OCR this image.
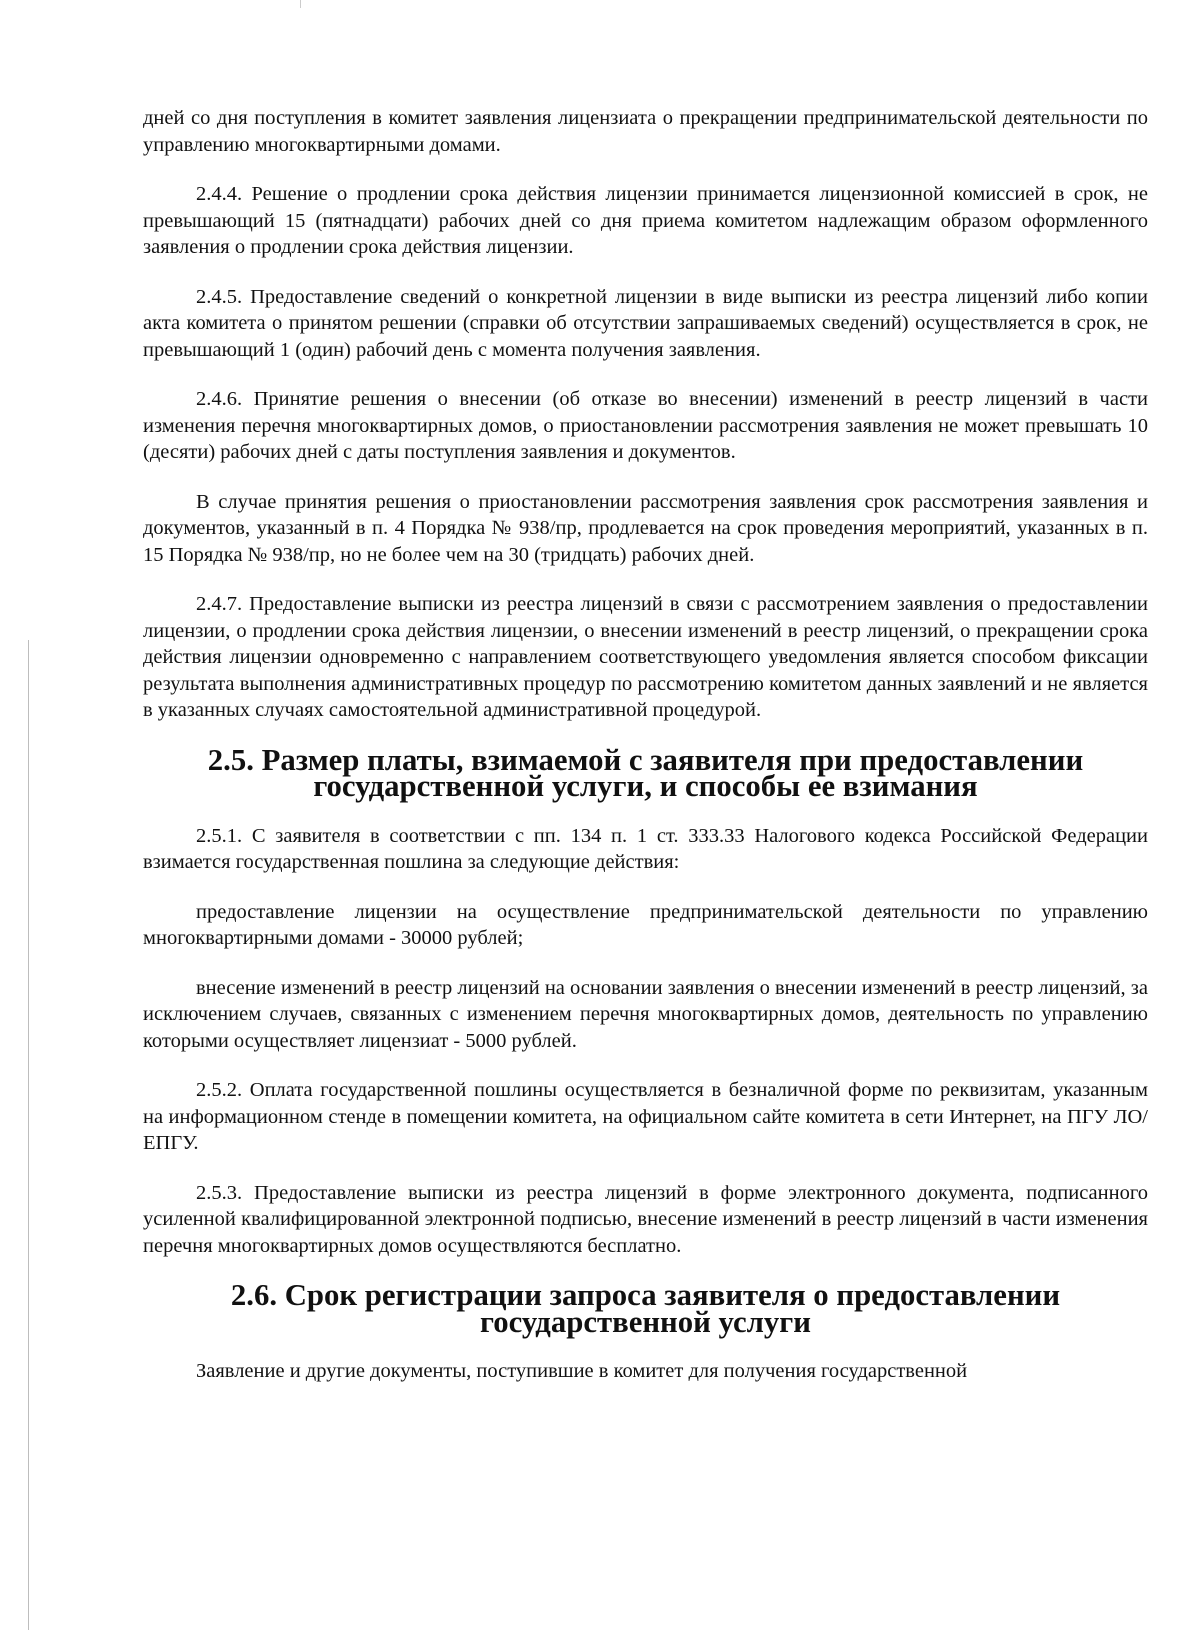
дней со дня поступления в комитет заявления лицензиата о прекращении предпринимательской деятельности по управлению многоквартирными домами.

2.4.4. Решение о продлении срока действия лицензии принимается лицензионной комиссией в срок, не превышающий 15 (пятнадцати) рабочих дней со дня приема комитетом надлежащим образом оформленного заявления о продлении срока действия лицензии.

2.4.5. Предоставление сведений о конкретной лицензии в виде выписки из реестра лицензий либо копии акта комитета о принятом решении (справки об отсутствии запрашиваемых сведений) осуществляется в срок, не превышающий 1 (один) рабочий день с момента получения заявления.

2.4.6. Принятие решения о внесении (об отказе во внесении) изменений в реестр лицензий в части изменения перечня многоквартирных домов, о приостановлении рассмотрения заявления не может превышать 10 (десяти) рабочих дней с даты поступления заявления и документов.

В случае принятия решения о приостановлении рассмотрения заявления срок рассмотрения заявления и документов, указанный в п. 4 Порядка № 938/пр, продлевается на срок проведения мероприятий, указанных в п. 15 Порядка № 938/пр, но не более чем на 30 (тридцать) рабочих дней.

2.4.7. Предоставление выписки из реестра лицензий в связи с рассмотрением заявления о предоставлении лицензии, о продлении срока действия лицензии, о внесении изменений в реестр лицензий, о прекращении срока действия лицензии одновременно с направлением соответствующего уведомления является способом фиксации результата выполнения административных процедур по рассмотрению комитетом данных заявлений и не является в указанных случаях самостоятельной административной процедурой.

2.5. Размер платы, взимаемой с заявителя при предоставлении государственной услуги, и способы ее взимания

2.5.1. С заявителя в соответствии с пп. 134 п. 1 ст. 333.33 Налогового кодекса Российской Федерации взимается государственная пошлина за следующие действия:

предоставление лицензии на осуществление предпринимательской деятельности по управлению многоквартирными домами - 30000 рублей;

внесение изменений в реестр лицензий на основании заявления о внесении изменений в реестр лицензий, за исключением случаев, связанных с изменением перечня многоквартирных домов, деятельность по управлению которыми осуществляет лицензиат - 5000 рублей.

2.5.2. Оплата государственной пошлины осуществляется в безналичной форме по реквизитам, указанным на информационном стенде в помещении комитета, на официальном сайте комитета в сети Интернет, на ПГУ ЛО/ЕПГУ.

2.5.3. Предоставление выписки из реестра лицензий в форме электронного документа, подписанного усиленной квалифицированной электронной подписью, внесение изменений в реестр лицензий в части изменения перечня многоквартирных домов осуществляются бесплатно.

2.6. Срок регистрации запроса заявителя о предоставлении государственной услуги

Заявление и другие документы, поступившие в комитет для получения государственной
